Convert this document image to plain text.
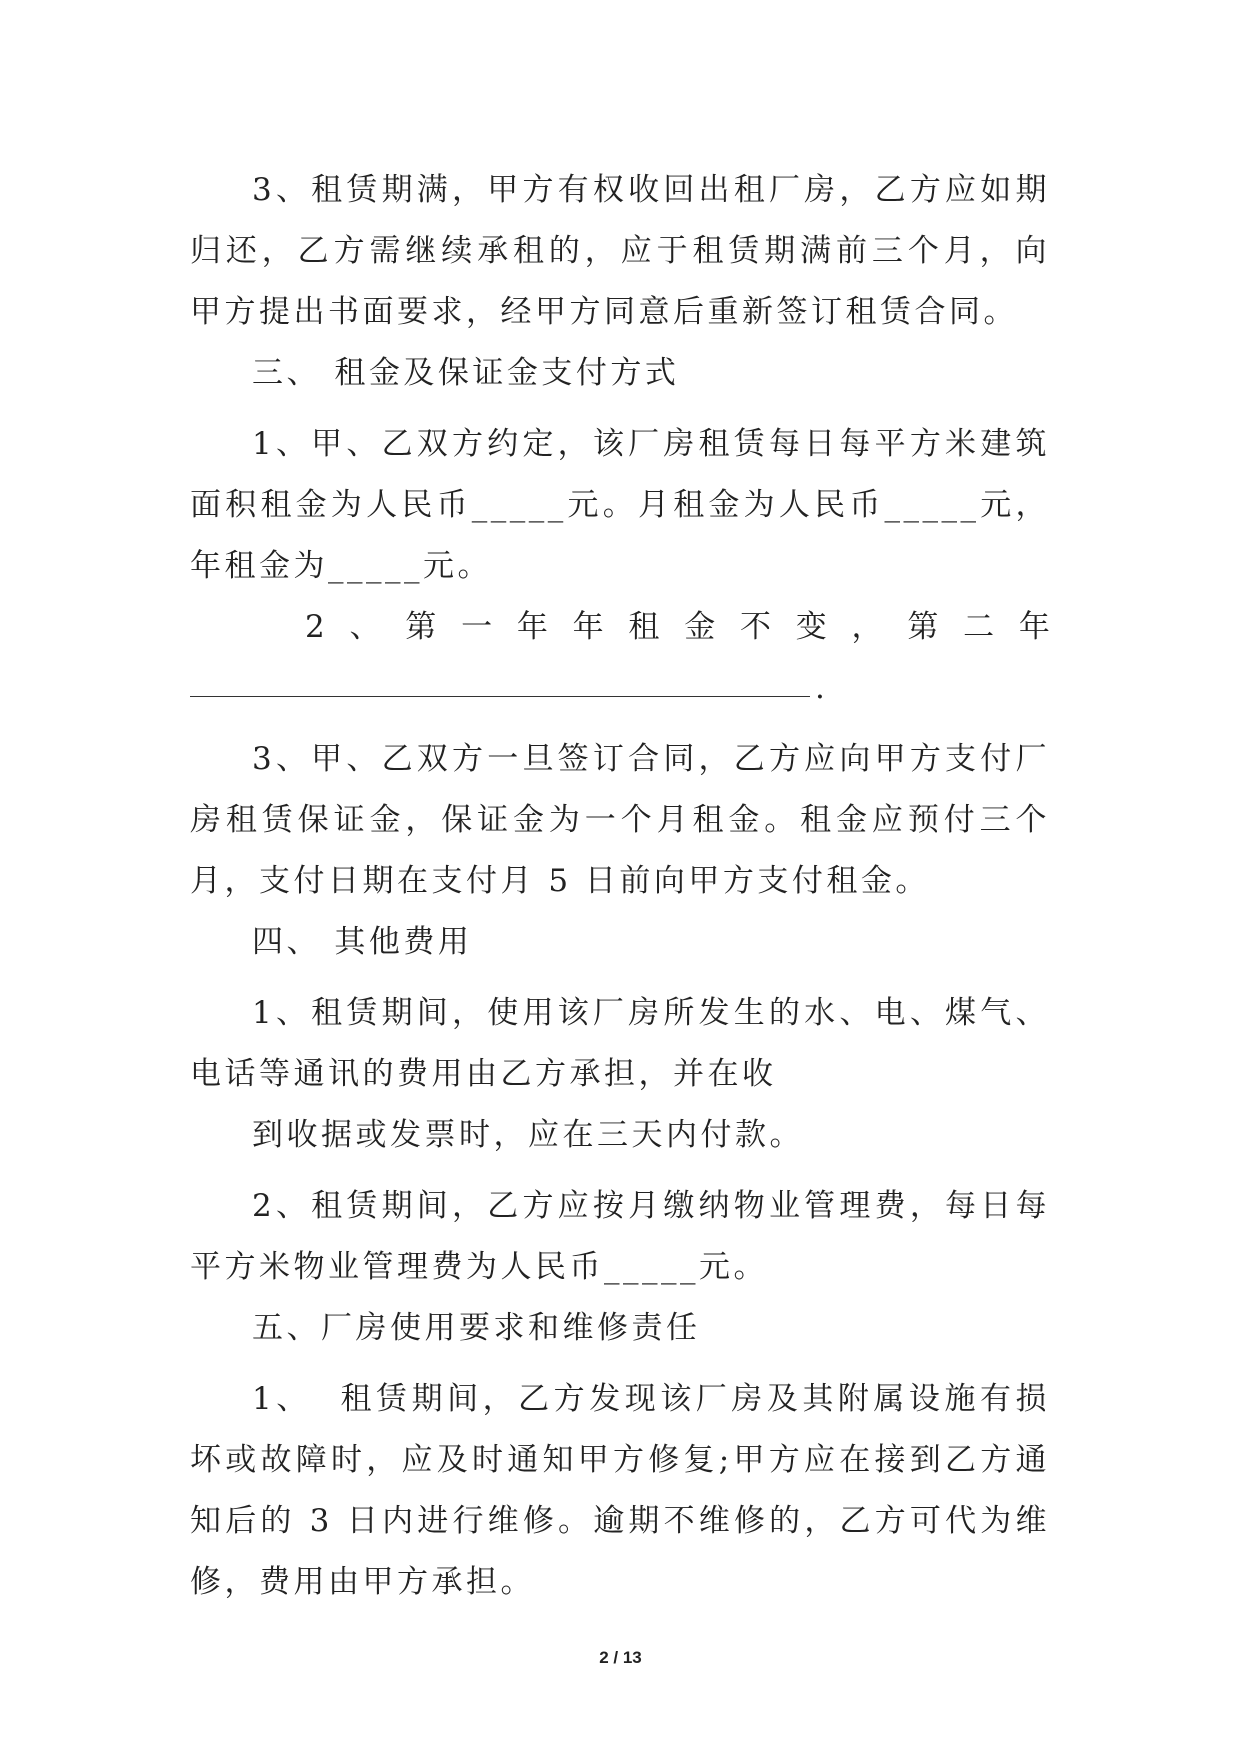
3、租赁期满，甲方有权收回出租厂房，乙方应如期归还，乙方需继续承租的，应于租赁期满前三个月，向甲方提出书面要求，经甲方同意后重新签订租赁合同。

三、 租金及保证金支付方式

1、甲、乙双方约定，该厂房租赁每日每平方米建筑面积租金为人民币_____元。月租金为人民币_____元，年租金为_____元。

2 、 第 一 年 年 租 金 不 变 ， 第 二 年
.

3、甲、乙双方一旦签订合同，乙方应向甲方支付厂房租赁保证金，保证金为一个月租金。租金应预付三个月，支付日期在支付月 5 日前向甲方支付租金。

四、 其他费用

1、租赁期间，使用该厂房所发生的水、电、煤气、电话等通讯的费用由乙方承担，并在收

到收据或发票时，应在三天内付款。

2、租赁期间，乙方应按月缴纳物业管理费，每日每平方米物业管理费为人民币_____元。

五、厂房使用要求和维修责任

1、  租赁期间，乙方发现该厂房及其附属设施有损坏或故障时，应及时通知甲方修复;甲方应在接到乙方通知后的 3 日内进行维修。逾期不维修的，乙方可代为维修，费用由甲方承担。

2 / 13
